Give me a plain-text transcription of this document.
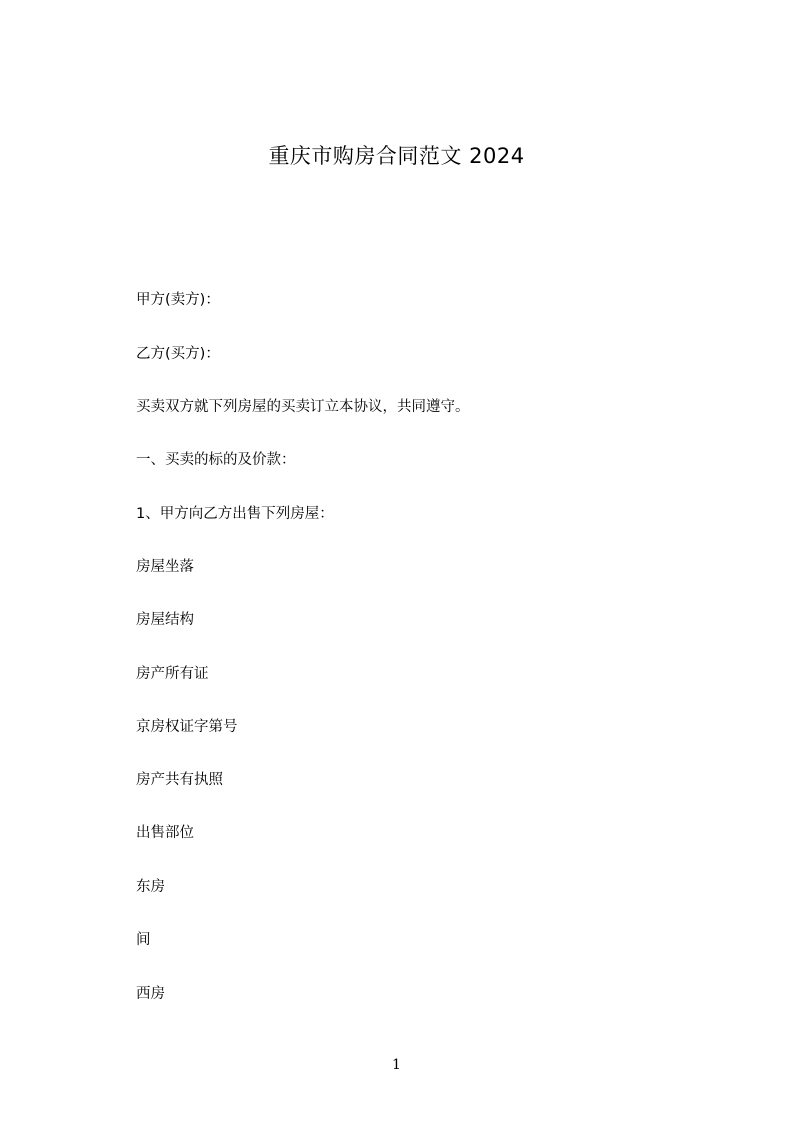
重庆市购房合同范文 2024
甲方(卖方)：
乙方(买方)：
买卖双方就下列房屋的买卖订立本协议，共同遵守。
一、买卖的标的及价款：
1、甲方向乙方出售下列房屋：
房屋坐落
房屋结构
房产所有证
京房权证字第号
房产共有执照
出售部位
东房
间
西房
1
